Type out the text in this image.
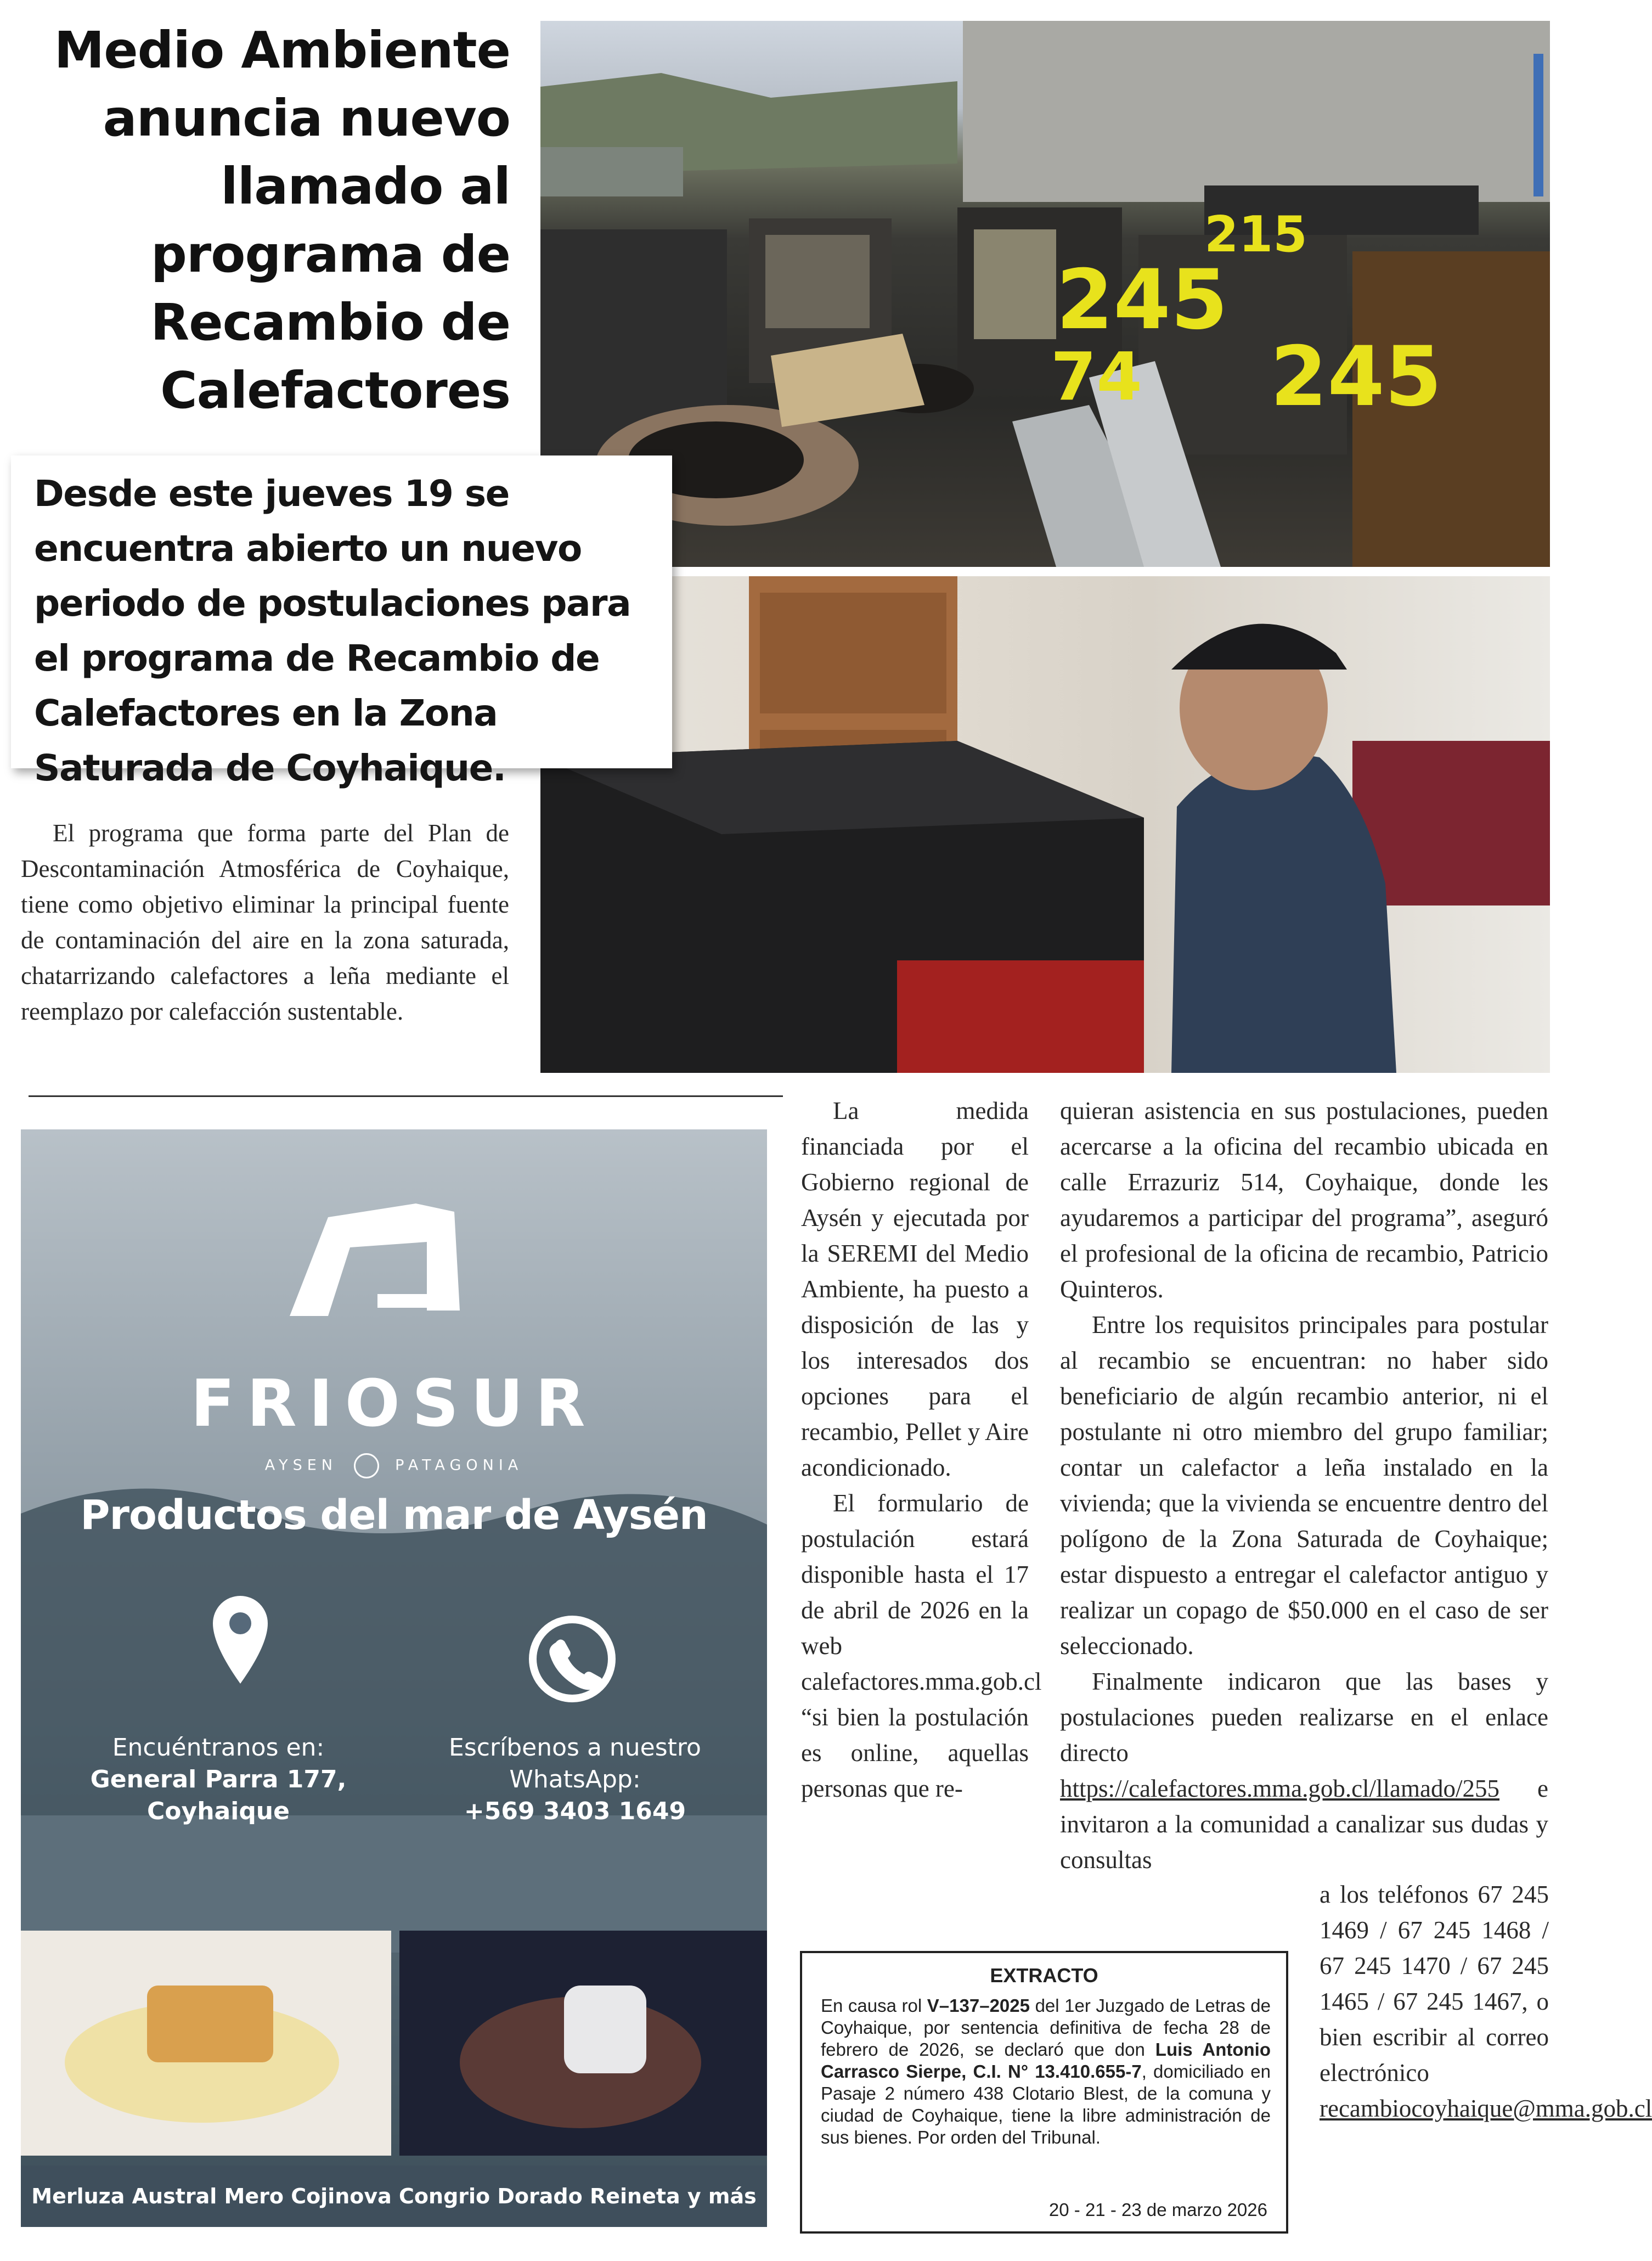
Medio Ambiente
anuncia nuevo
llamado al
programa de
Recambio de
Calefactores
245
74 245
215
Desde este jueves 19 se encuentra abierto un nuevo periodo de postulaciones para el programa de Recambio de Calefactores en la Zona Saturada de Coyhaique.

El programa que forma parte del Plan de Descontaminación Atmosférica de Coyhaique, tiene como objetivo eliminar la principal fuente de contaminación del aire en la zona saturada, chatarrizando calefactores a leña mediante el reemplazo por calefacción sustentable.

La medida financiada por el Gobierno regional de Aysén y ejecutada por la SEREMI del Medio Ambiente, ha puesto a disposición de las y los interesados dos opciones para el recambio, Pellet y Aire acondicionado.

El formulario de postulación estará disponible hasta el 17 de abril de 2026 en la web calefactores.mma.gob.cl “si bien la postulación es online, aquellas personas que re-

quieran asistencia en sus postulaciones, pueden acercarse a la oficina del recambio ubicada en calle Errazuriz 514, Coyhaique, donde les ayudaremos a participar del programa”, aseguró el profesional de la oficina de recambio, Patricio Quinteros.

Entre los requisitos principales para postular al recambio se encuentran: no haber sido beneficiario de algún recambio anterior, ni el postulante ni otro miembro del grupo familiar; contar un calefactor a leña instalado en la vivienda; que la vivienda se encuentre dentro del polígono de la Zona Saturada de Coyhaique; estar dispuesto a entregar el calefactor antiguo y realizar un copago de $50.000 en el caso de ser seleccionado.

Finalmente indicaron que las bases y postulaciones pueden realizarse en el enlace directo https://calefactores.mma.gob.cl/llamado/255 e invitaron a la comunidad a canalizar sus dudas y consultas

a los teléfonos 67 245 1469 / 67 245 1468 / 67 245 1470 / 67 245 1465 / 67 245 1467, o bien escribir al correo electrónico recambiocoyhaique@mma.gob.cl
FRIOSUR
AYSEN	PATAGONIA
Productos del mar de Aysén
Encuéntranos en:
General Parra 177,
Coyhaique
Escríbenos a nuestro
WhatsApp:
+569 3403 1649
Merluza Austral Mero Cojinova Congrio Dorado Reineta y más
EXTRACTO
En causa rol V–137–2025 del 1er Juzgado de Letras de Coyhaique, por sentencia definitiva de fecha 28 de febrero de 2026, se declaró que don Luis Antonio Carrasco Sierpe, C.I. N° 13.410.655-7, domiciliado en Pasaje 2 número 438 Clotario Blest, de la comuna y ciudad de Coyhaique, tiene la libre administración de sus bienes. Por orden del Tribunal.
20 - 21 - 23 de marzo 2026
